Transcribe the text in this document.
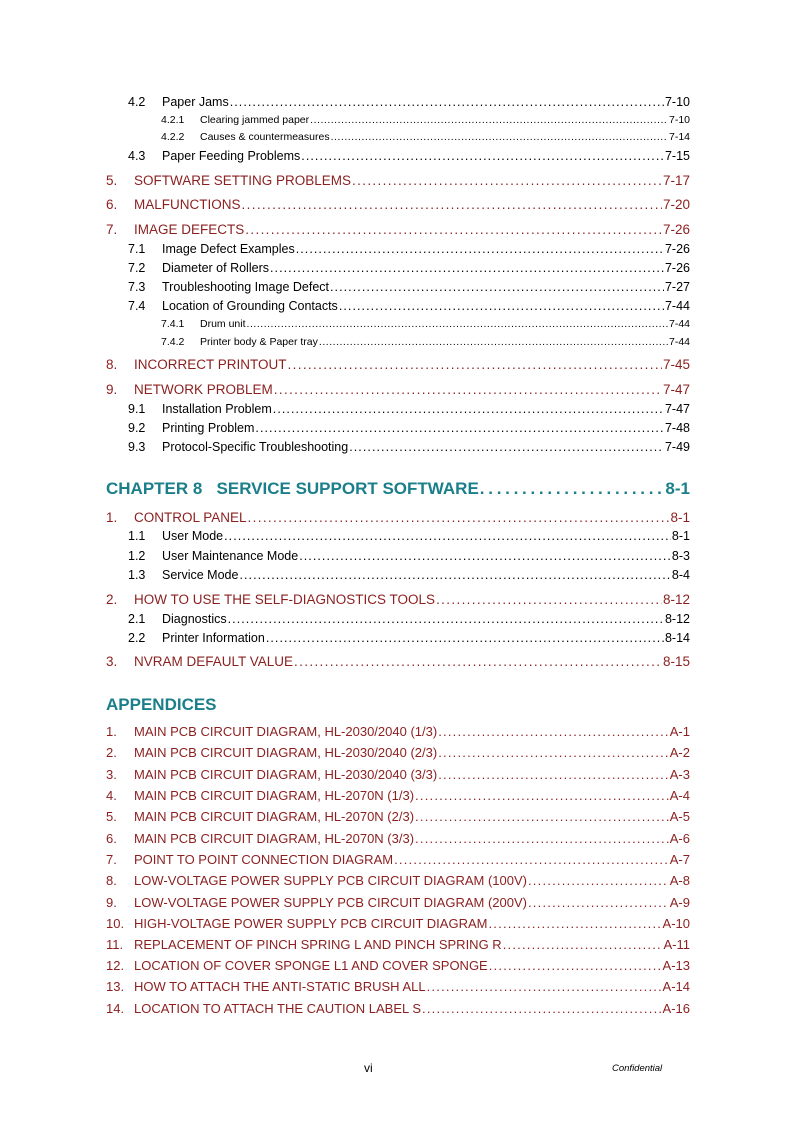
4.2	Paper Jams . . .	7-10
4.2.1	Clearing jammed paper . . .	7-10
4.2.2	Causes & countermeasures . . .	7-14
4.3	Paper Feeding Problems . . .	7-15
5.	SOFTWARE SETTING PROBLEMS . . .	7-17
6.	MALFUNCTIONS . . .	7-20
7.	IMAGE DEFECTS . . .	7-26
7.1	Image Defect Examples . . .	7-26
7.2	Diameter of Rollers . . .	7-26
7.3	Troubleshooting Image Defect . . .	7-27
7.4	Location of Grounding Contacts . . .	7-44
7.4.1	Drum unit . . .	7-44
7.4.2	Printer body & Paper tray . . .	7-44
8.	INCORRECT PRINTOUT . . .	7-45
9.	NETWORK PROBLEM . . .	7-47
9.1	Installation Problem . . .	7-47
9.2	Printing Problem . . .	7-48
9.3	Protocol-Specific Troubleshooting . . .	7-49
CHAPTER 8   SERVICE SUPPORT SOFTWARE . . .	8-1
1.	CONTROL PANEL . . .	8-1
1.1	User Mode . . .	8-1
1.2	User Maintenance Mode . . .	8-3
1.3	Service Mode . . .	8-4
2.	HOW TO USE THE SELF-DIAGNOSTICS TOOLS . . .	8-12
2.1	Diagnostics . . .	8-12
2.2	Printer Information . . .	8-14
3.	NVRAM DEFAULT VALUE . . .	8-15
APPENDICES
1.	MAIN PCB CIRCUIT DIAGRAM, HL-2030/2040 (1/3) . . .	A-1
2.	MAIN PCB CIRCUIT DIAGRAM, HL-2030/2040 (2/3) . . .	A-2
3.	MAIN PCB CIRCUIT DIAGRAM, HL-2030/2040 (3/3) . . .	A-3
4.	MAIN PCB CIRCUIT DIAGRAM, HL-2070N (1/3) . . .	A-4
5.	MAIN PCB CIRCUIT DIAGRAM, HL-2070N (2/3) . . .	A-5
6.	MAIN PCB CIRCUIT DIAGRAM, HL-2070N (3/3) . . .	A-6
7.	POINT TO POINT CONNECTION DIAGRAM . . .	A-7
8.	LOW-VOLTAGE POWER SUPPLY PCB CIRCUIT DIAGRAM (100V) . . .	A-8
9.	LOW-VOLTAGE POWER SUPPLY PCB CIRCUIT DIAGRAM (200V) . . .	A-9
10. HIGH-VOLTAGE POWER SUPPLY PCB CIRCUIT DIAGRAM . . .	A-10
11. REPLACEMENT OF PINCH SPRING L AND PINCH SPRING R . . .	A-11
12. LOCATION OF COVER SPONGE L1 AND COVER SPONGE . . .	A-13
13. HOW TO ATTACH THE ANTI-STATIC BRUSH ALL . . .	A-14
14. LOCATION TO ATTACH THE CAUTION LABEL S . . .	A-16
vi	Confidential
